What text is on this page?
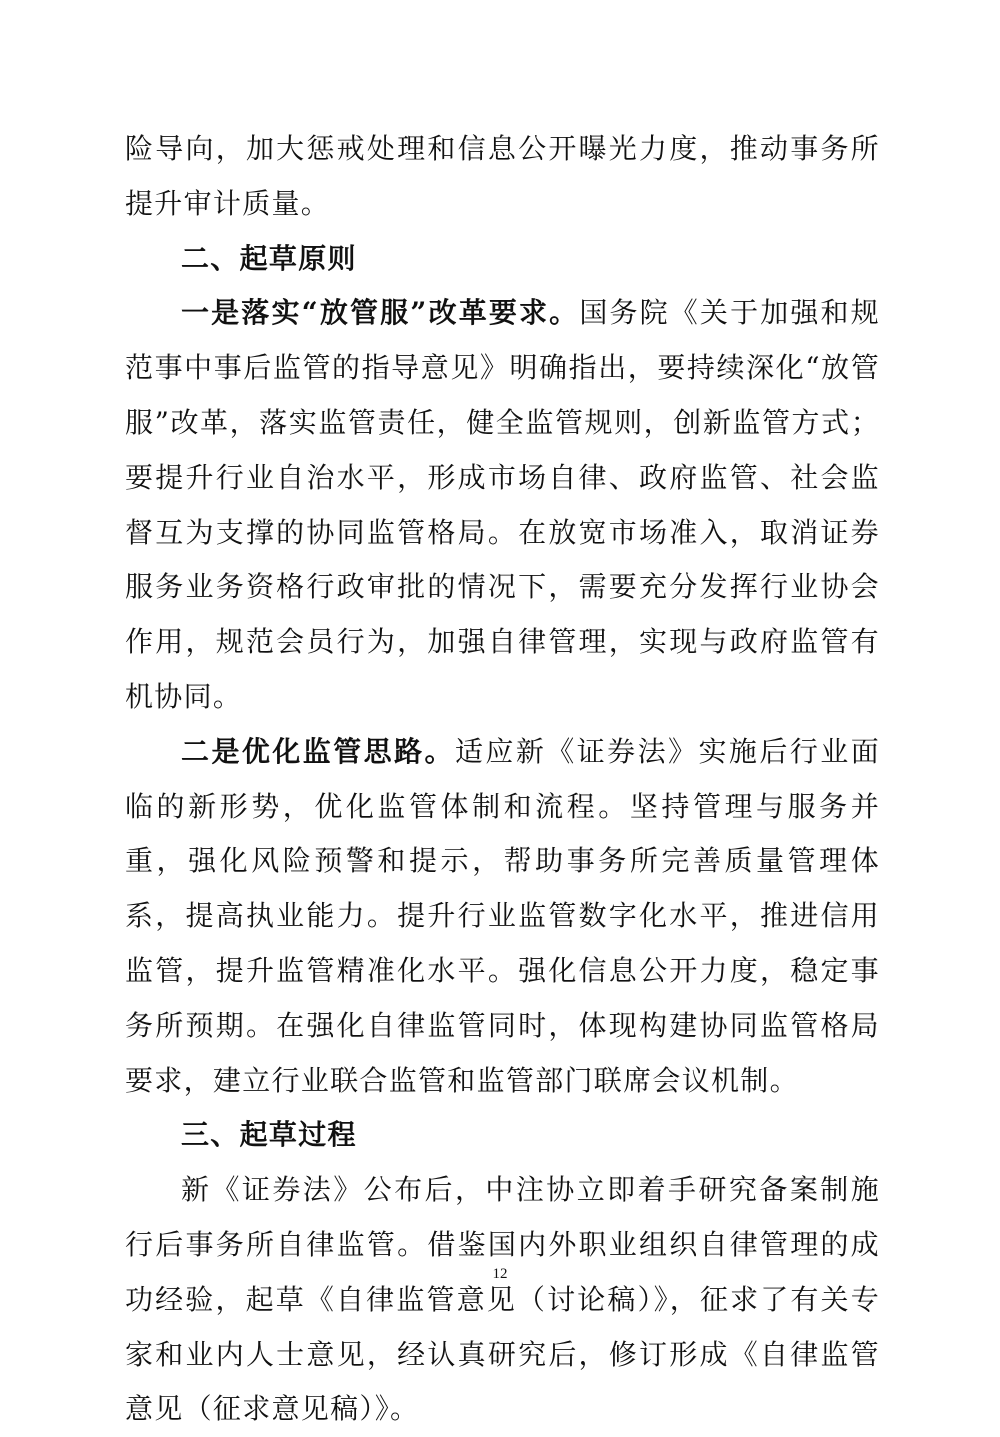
险导向，加大惩戒处理和信息公开曝光力度，推动事务所提升审计质量。

二、起草原则

一是落实“放管服”改革要求。国务院《关于加强和规范事中事后监管的指导意见》明确指出，要持续深化“放管服”改革，落实监管责任，健全监管规则，创新监管方式；要提升行业自治水平，形成市场自律、政府监管、社会监督互为支撑的协同监管格局。在放宽市场准入，取消证券服务业务资格行政审批的情况下，需要充分发挥行业协会作用，规范会员行为，加强自律管理，实现与政府监管有机协同。

二是优化监管思路。适应新《证券法》实施后行业面临的新形势，优化监管体制和流程。坚持管理与服务并重，强化风险预警和提示，帮助事务所完善质量管理体系，提高执业能力。提升行业监管数字化水平，推进信用监管，提升监管精准化水平。强化信息公开力度，稳定事务所预期。在强化自律监管同时，体现构建协同监管格局要求，建立行业联合监管和监管部门联席会议机制。

三、起草过程

新《证券法》公布后，中注协立即着手研究备案制施行后事务所自律监管。借鉴国内外职业组织自律管理的成功经验，起草《自律监管意见（讨论稿）》，征求了有关专家和业内人士意见，经认真研究后，修订形成《自律监管意见（征求意见稿）》。

12
